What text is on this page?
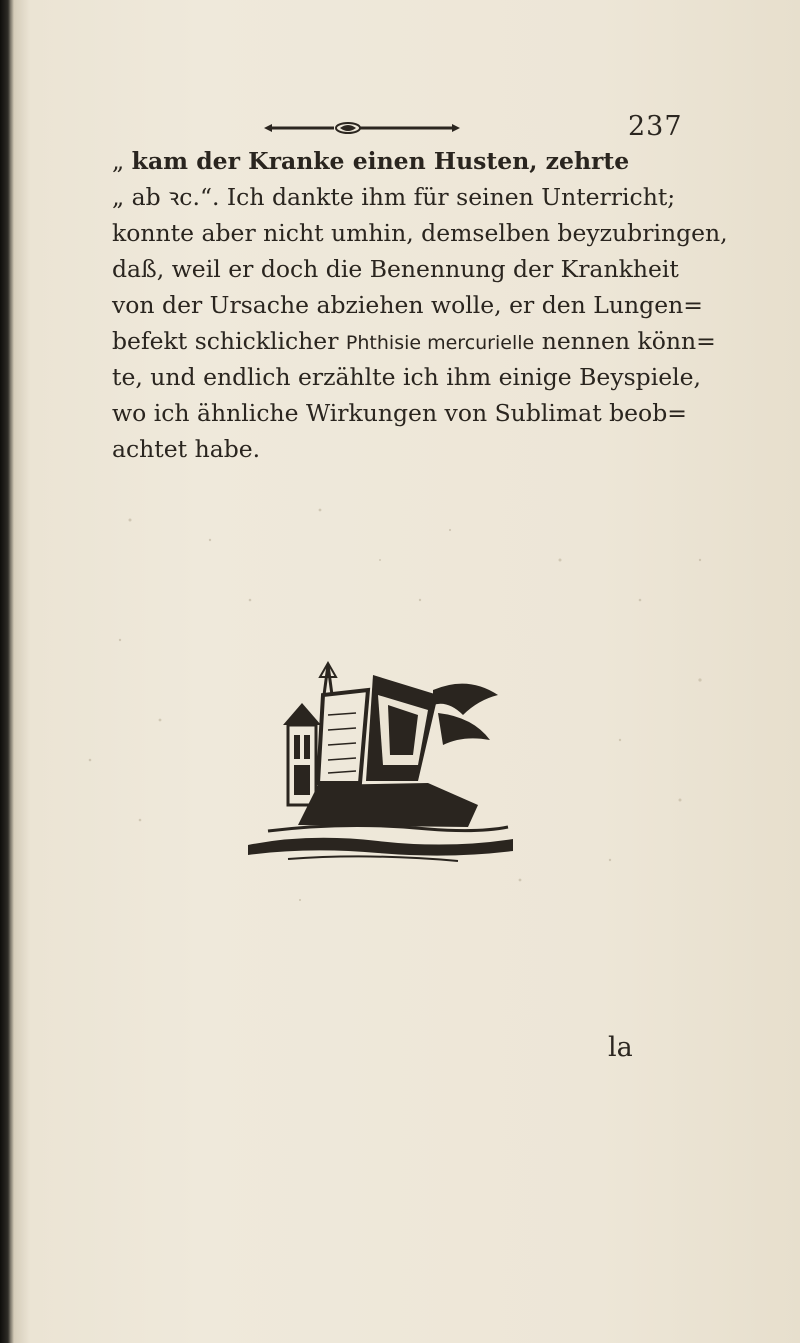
237
„ kam der Kranke einen Husten, zehrte
„ ab ꝛc.“. Ich dankte ihm für seinen Unterricht;
konnte aber nicht umhin, demselben beyzubringen,
daß, weil er doch die Benennung der Krankheit
von der Ursache abziehen wolle, er den Lungen=
befekt schicklicher Phthisie mercurielle nennen könn=
te, und endlich erzählte ich ihm einige Beyspiele,
wo ich ähnliche Wirkungen von Sublimat beob=
achtet habe.
la
